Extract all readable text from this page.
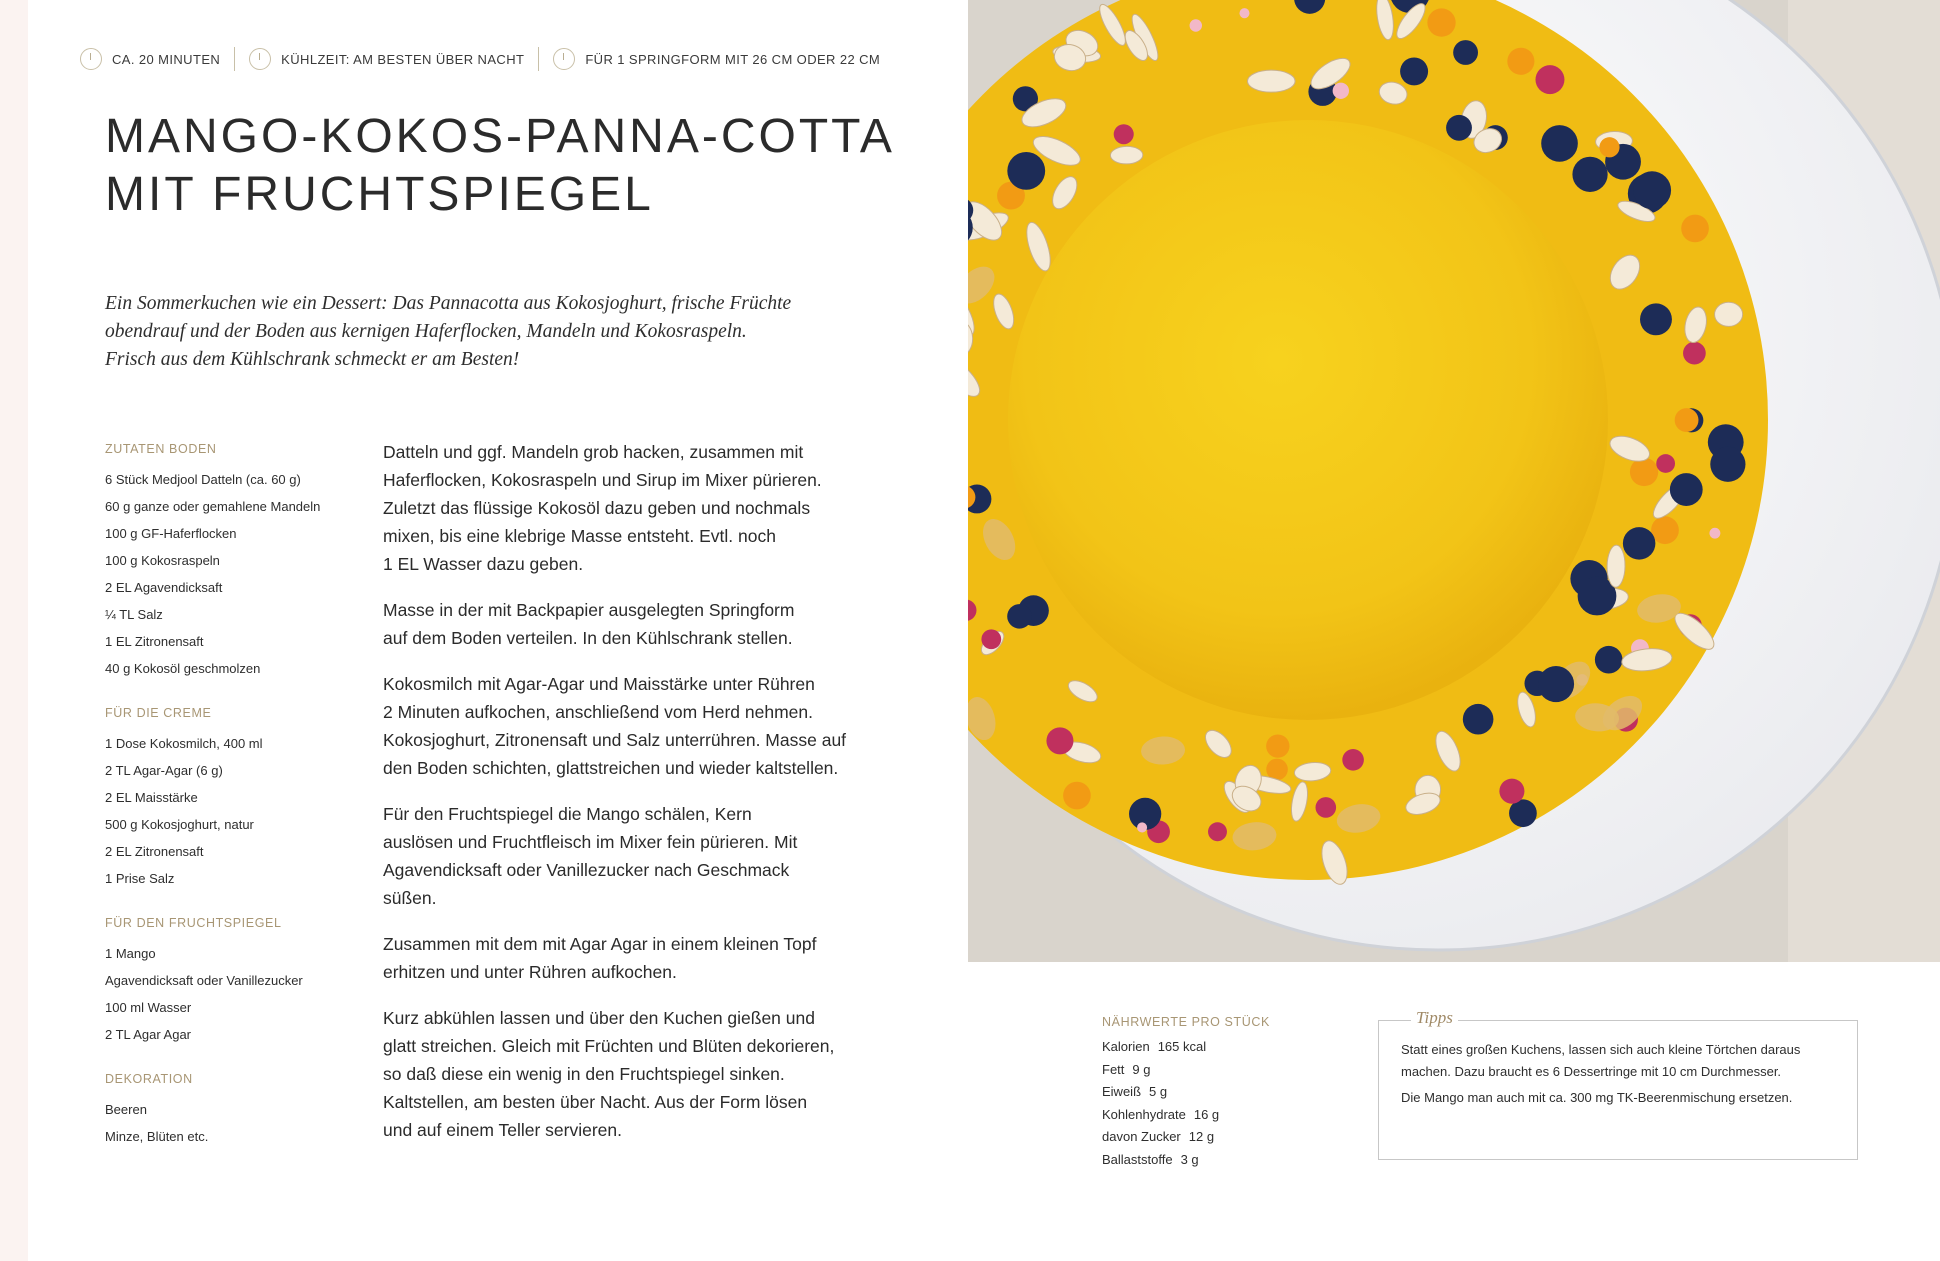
CA. 20 MINUTEN	KÜHLZEIT: AM BESTEN ÜBER NACHT	FÜR 1 SPRINGFORM MIT 26 CM ODER 22 CM
MANGO-KOKOS-PANNA-COTTA
MIT FRUCHTSPIEGEL
Ein Sommerkuchen wie ein Dessert: Das Pannacotta aus Kokosjoghurt, frische Früchte
obendrauf und der Boden aus kernigen Haferflocken, Mandeln und Kokosraspeln.
Frisch aus dem Kühlschrank schmeckt er am Besten!
ZUTATEN BODEN
6 Stück Medjool Datteln (ca. 60 g)
60 g ganze oder gemahlene Mandeln
100 g GF-Haferflocken
100 g Kokosraspeln
2 EL Agavendicksaft
¼ TL Salz
1 EL Zitronensaft
40 g Kokosöl geschmolzen
FÜR DIE CREME
1 Dose Kokosmilch, 400 ml
2 TL Agar-Agar (6 g)
2 EL Maisstärke
500 g Kokosjoghurt, natur
2 EL Zitronensaft
1 Prise Salz
FÜR DEN FRUCHTSPIEGEL
1 Mango
Agavendicksaft oder Vanillezucker
100 ml Wasser
2 TL Agar Agar
DEKORATION
Beeren
Minze, Blüten etc.
Datteln und ggf. Mandeln grob hacken, zusammen mit
Haferflocken, Kokosraspeln und Sirup im Mixer pürieren.
Zuletzt das flüssige Kokosöl dazu geben und nochmals
mixen, bis eine klebrige Masse entsteht. Evtl. noch
1 EL Wasser dazu geben.
Masse in der mit Backpapier ausgelegten Springform
auf dem Boden verteilen. In den Kühlschrank stellen.
Kokosmilch mit Agar-Agar und Maisstärke unter Rühren
2 Minuten aufkochen, anschließend vom Herd nehmen.
Kokosjoghurt, Zitronensaft und Salz unterrühren. Masse auf
den Boden schichten, glattstreichen und wieder kaltstellen.
Für den Fruchtspiegel die Mango schälen, Kern
auslösen und Fruchtfleisch im Mixer fein pürieren. Mit
Agavendicksaft oder Vanillezucker nach Geschmack
süßen.
Zusammen mit dem mit Agar Agar in einem kleinen Topf
erhitzen und unter Rühren aufkochen.
Kurz abkühlen lassen und über den Kuchen gießen und
glatt streichen. Gleich mit Früchten und Blüten dekorieren,
so daß diese ein wenig in den Fruchtspiegel sinken.
Kaltstellen, am besten über Nacht. Aus der Form lösen
und auf einem Teller servieren.
NÄHRWERTE PRO STÜCK
Kalorien 165 kcal
Fett 9 g
Eiweiß 5 g
Kohlenhydrate 16 g
davon Zucker 12 g
Ballaststoffe 3 g
Tipps
Statt eines großen Kuchens, lassen sich auch kleine Törtchen daraus machen. Dazu braucht es 6 Dessertringe mit 10 cm Durchmesser.
Die Mango man auch mit ca. 300 mg TK-Beerenmischung ersetzen.
